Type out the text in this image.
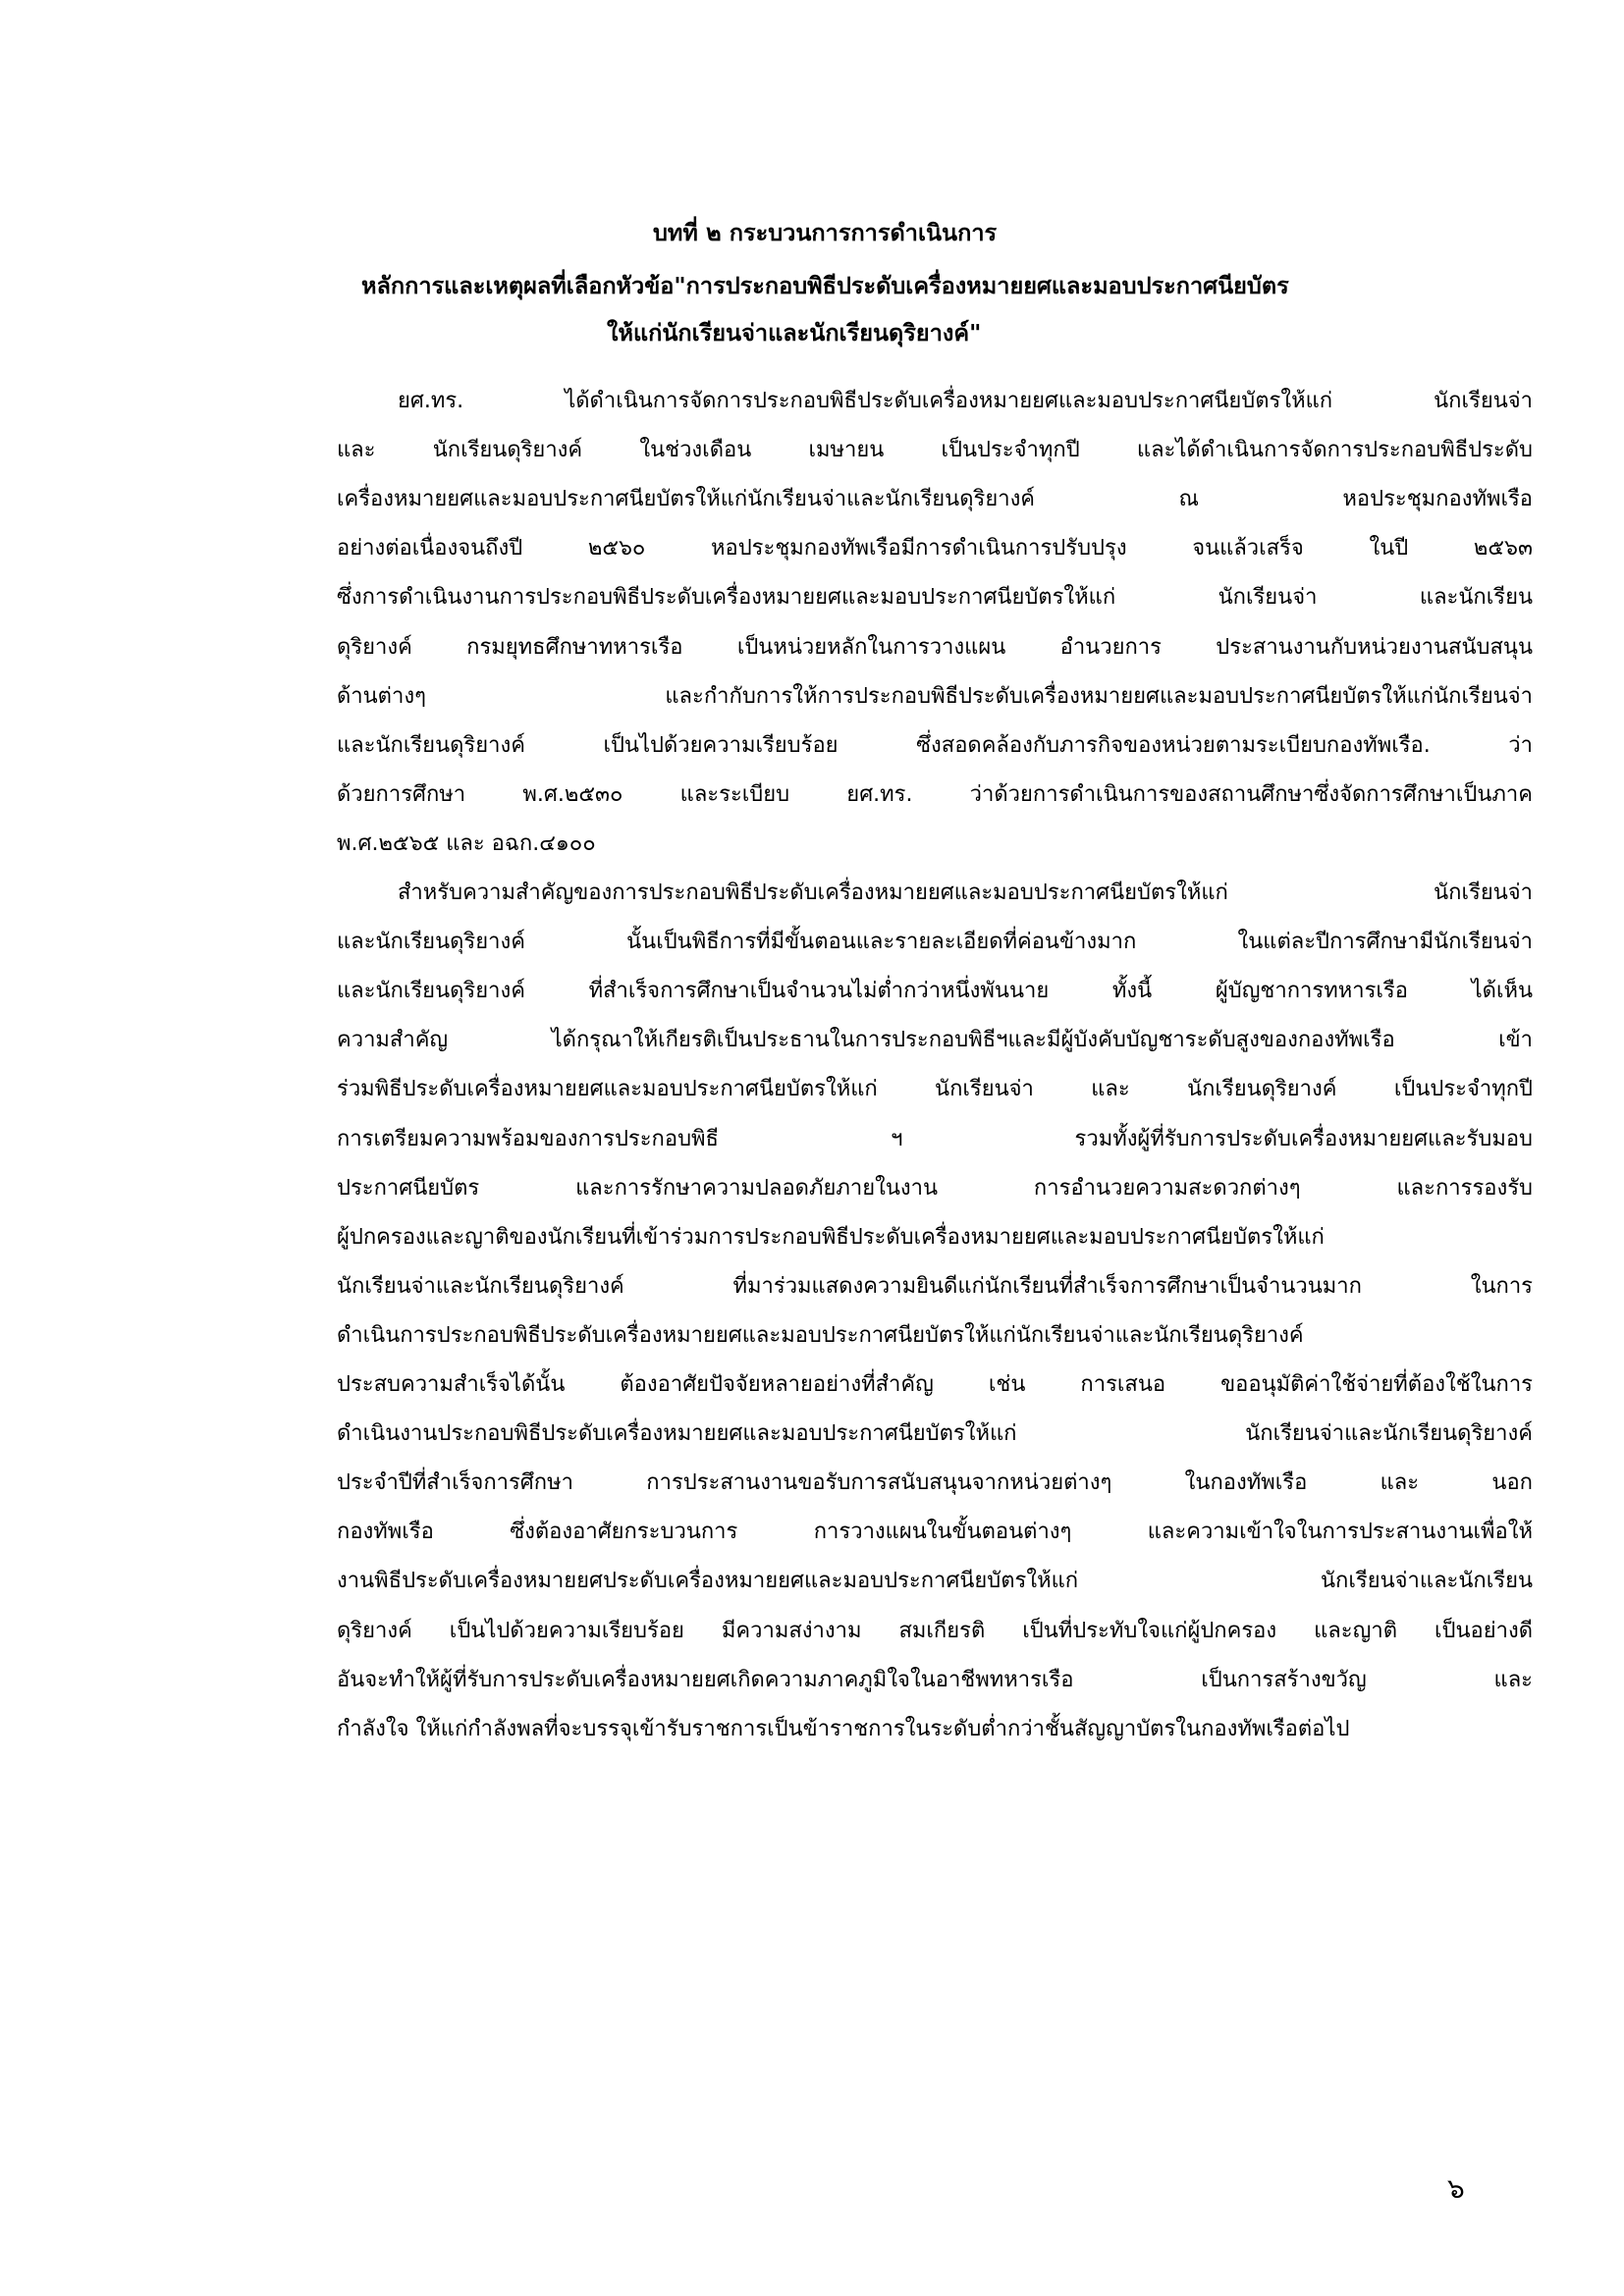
บทที่ ๒ กระบวนการการดำเนินการ

หลักการและเหตุผลที่เลือกหัวข้อ"การประกอบพิธีประดับเครื่องหมายยศและมอบประกาศนียบัตร

ให้แก่นักเรียนจ่าและนักเรียนดุริยางค์"

ยศ.ทร. ได้ดำเนินการจัดการประกอบพิธีประดับเครื่องหมายยศและมอบประกาศนียบัตรให้แก่ นักเรียนจ่า
และ นักเรียนดุริยางค์ ในช่วงเดือน เมษายน เป็นประจำทุกปี และได้ดำเนินการจัดการประกอบพิธีประดับ
เครื่องหมายยศและมอบประกาศนียบัตรให้แก่นักเรียนจ่าและนักเรียนดุริยางค์ ณ หอประชุมกองทัพเรือ
อย่างต่อเนื่องจนถึงปี ๒๕๖๐ หอประชุมกองทัพเรือมีการดำเนินการปรับปรุง จนแล้วเสร็จ ในปี ๒๕๖๓
ซึ่งการดำเนินงานการประกอบพิธีประดับเครื่องหมายยศและมอบประกาศนียบัตรให้แก่ นักเรียนจ่า และนักเรียน
ดุริยางค์ กรมยุทธศึกษาทหารเรือ เป็นหน่วยหลักในการวางแผน อำนวยการ ประสานงานกับหน่วยงานสนับสนุน
ด้านต่างๆ และกำกับการให้การประกอบพิธีประดับเครื่องหมายยศและมอบประกาศนียบัตรให้แก่นักเรียนจ่า
และนักเรียนดุริยางค์ เป็นไปด้วยความเรียบร้อย ซึ่งสอดคล้องกับภารกิจของหน่วยตามระเบียบกองทัพเรือ. ว่า
ด้วยการศึกษา พ.ศ.๒๕๓๐ และระเบียบ ยศ.ทร. ว่าด้วยการดำเนินการของสถานศึกษาซึ่งจัดการศึกษาเป็นภาค
พ.ศ.๒๕๖๕ และ อฉก.๔๑๐๐
สำหรับความสำคัญของการประกอบพิธีประดับเครื่องหมายยศและมอบประกาศนียบัตรให้แก่ นักเรียนจ่า
และนักเรียนดุริยางค์ นั้นเป็นพิธีการที่มีขั้นตอนและรายละเอียดที่ค่อนข้างมาก ในแต่ละปีการศึกษามีนักเรียนจ่า
และนักเรียนดุริยางค์ ที่สำเร็จการศึกษาเป็นจำนวนไม่ต่ำกว่าหนึ่งพันนาย ทั้งนี้ ผู้บัญชาการทหารเรือ ได้เห็น
ความสำคัญ ได้กรุณาให้เกียรติเป็นประธานในการประกอบพิธีฯและมีผู้บังคับบัญชาระดับสูงของกองทัพเรือ เข้า
ร่วมพิธีประดับเครื่องหมายยศและมอบประกาศนียบัตรให้แก่ นักเรียนจ่า และ นักเรียนดุริยางค์ เป็นประจำทุกปี
การเตรียมความพร้อมของการประกอบพิธี ฯ รวมทั้งผู้ที่รับการประดับเครื่องหมายยศและรับมอบ
ประกาศนียบัตร และการรักษาความปลอดภัยภายในงาน การอำนวยความสะดวกต่างๆ และการรองรับ
ผู้ปกครองและญาติของนักเรียนที่เข้าร่วมการประกอบพิธีประดับเครื่องหมายยศและมอบประกาศนียบัตรให้แก่
นักเรียนจ่าและนักเรียนดุริยางค์ ที่มาร่วมแสดงความยินดีแก่นักเรียนที่สำเร็จการศึกษาเป็นจำนวนมาก ในการ
ดำเนินการประกอบพิธีประดับเครื่องหมายยศและมอบประกาศนียบัตรให้แก่นักเรียนจ่าและนักเรียนดุริยางค์
ประสบความสำเร็จได้นั้น ต้องอาศัยปัจจัยหลายอย่างที่สำคัญ เช่น การเสนอ ขออนุมัติค่าใช้จ่ายที่ต้องใช้ในการ
ดำเนินงานประกอบพิธีประดับเครื่องหมายยศและมอบประกาศนียบัตรให้แก่ นักเรียนจ่าและนักเรียนดุริยางค์
ประจำปีที่สำเร็จการศึกษา การประสานงานขอรับการสนับสนุนจากหน่วยต่างๆ ในกองทัพเรือ และ นอก
กองทัพเรือ ซึ่งต้องอาศัยกระบวนการ การวางแผนในขั้นตอนต่างๆ และความเข้าใจในการประสานงานเพื่อให้
งานพิธีประดับเครื่องหมายยศประดับเครื่องหมายยศและมอบประกาศนียบัตรให้แก่ นักเรียนจ่าและนักเรียน
ดุริยางค์ เป็นไปด้วยความเรียบร้อย มีความสง่างาม สมเกียรติ เป็นที่ประทับใจแก่ผู้ปกครอง และญาติ เป็นอย่างดี
อันจะทำให้ผู้ที่รับการประดับเครื่องหมายยศเกิดความภาคภูมิใจในอาชีพทหารเรือ เป็นการสร้างขวัญ และ
กำลังใจ ให้แก่กำลังพลที่จะบรรจุเข้ารับราชการเป็นข้าราชการในระดับต่ำกว่าชั้นสัญญาบัตรในกองทัพเรือต่อไป
๖
